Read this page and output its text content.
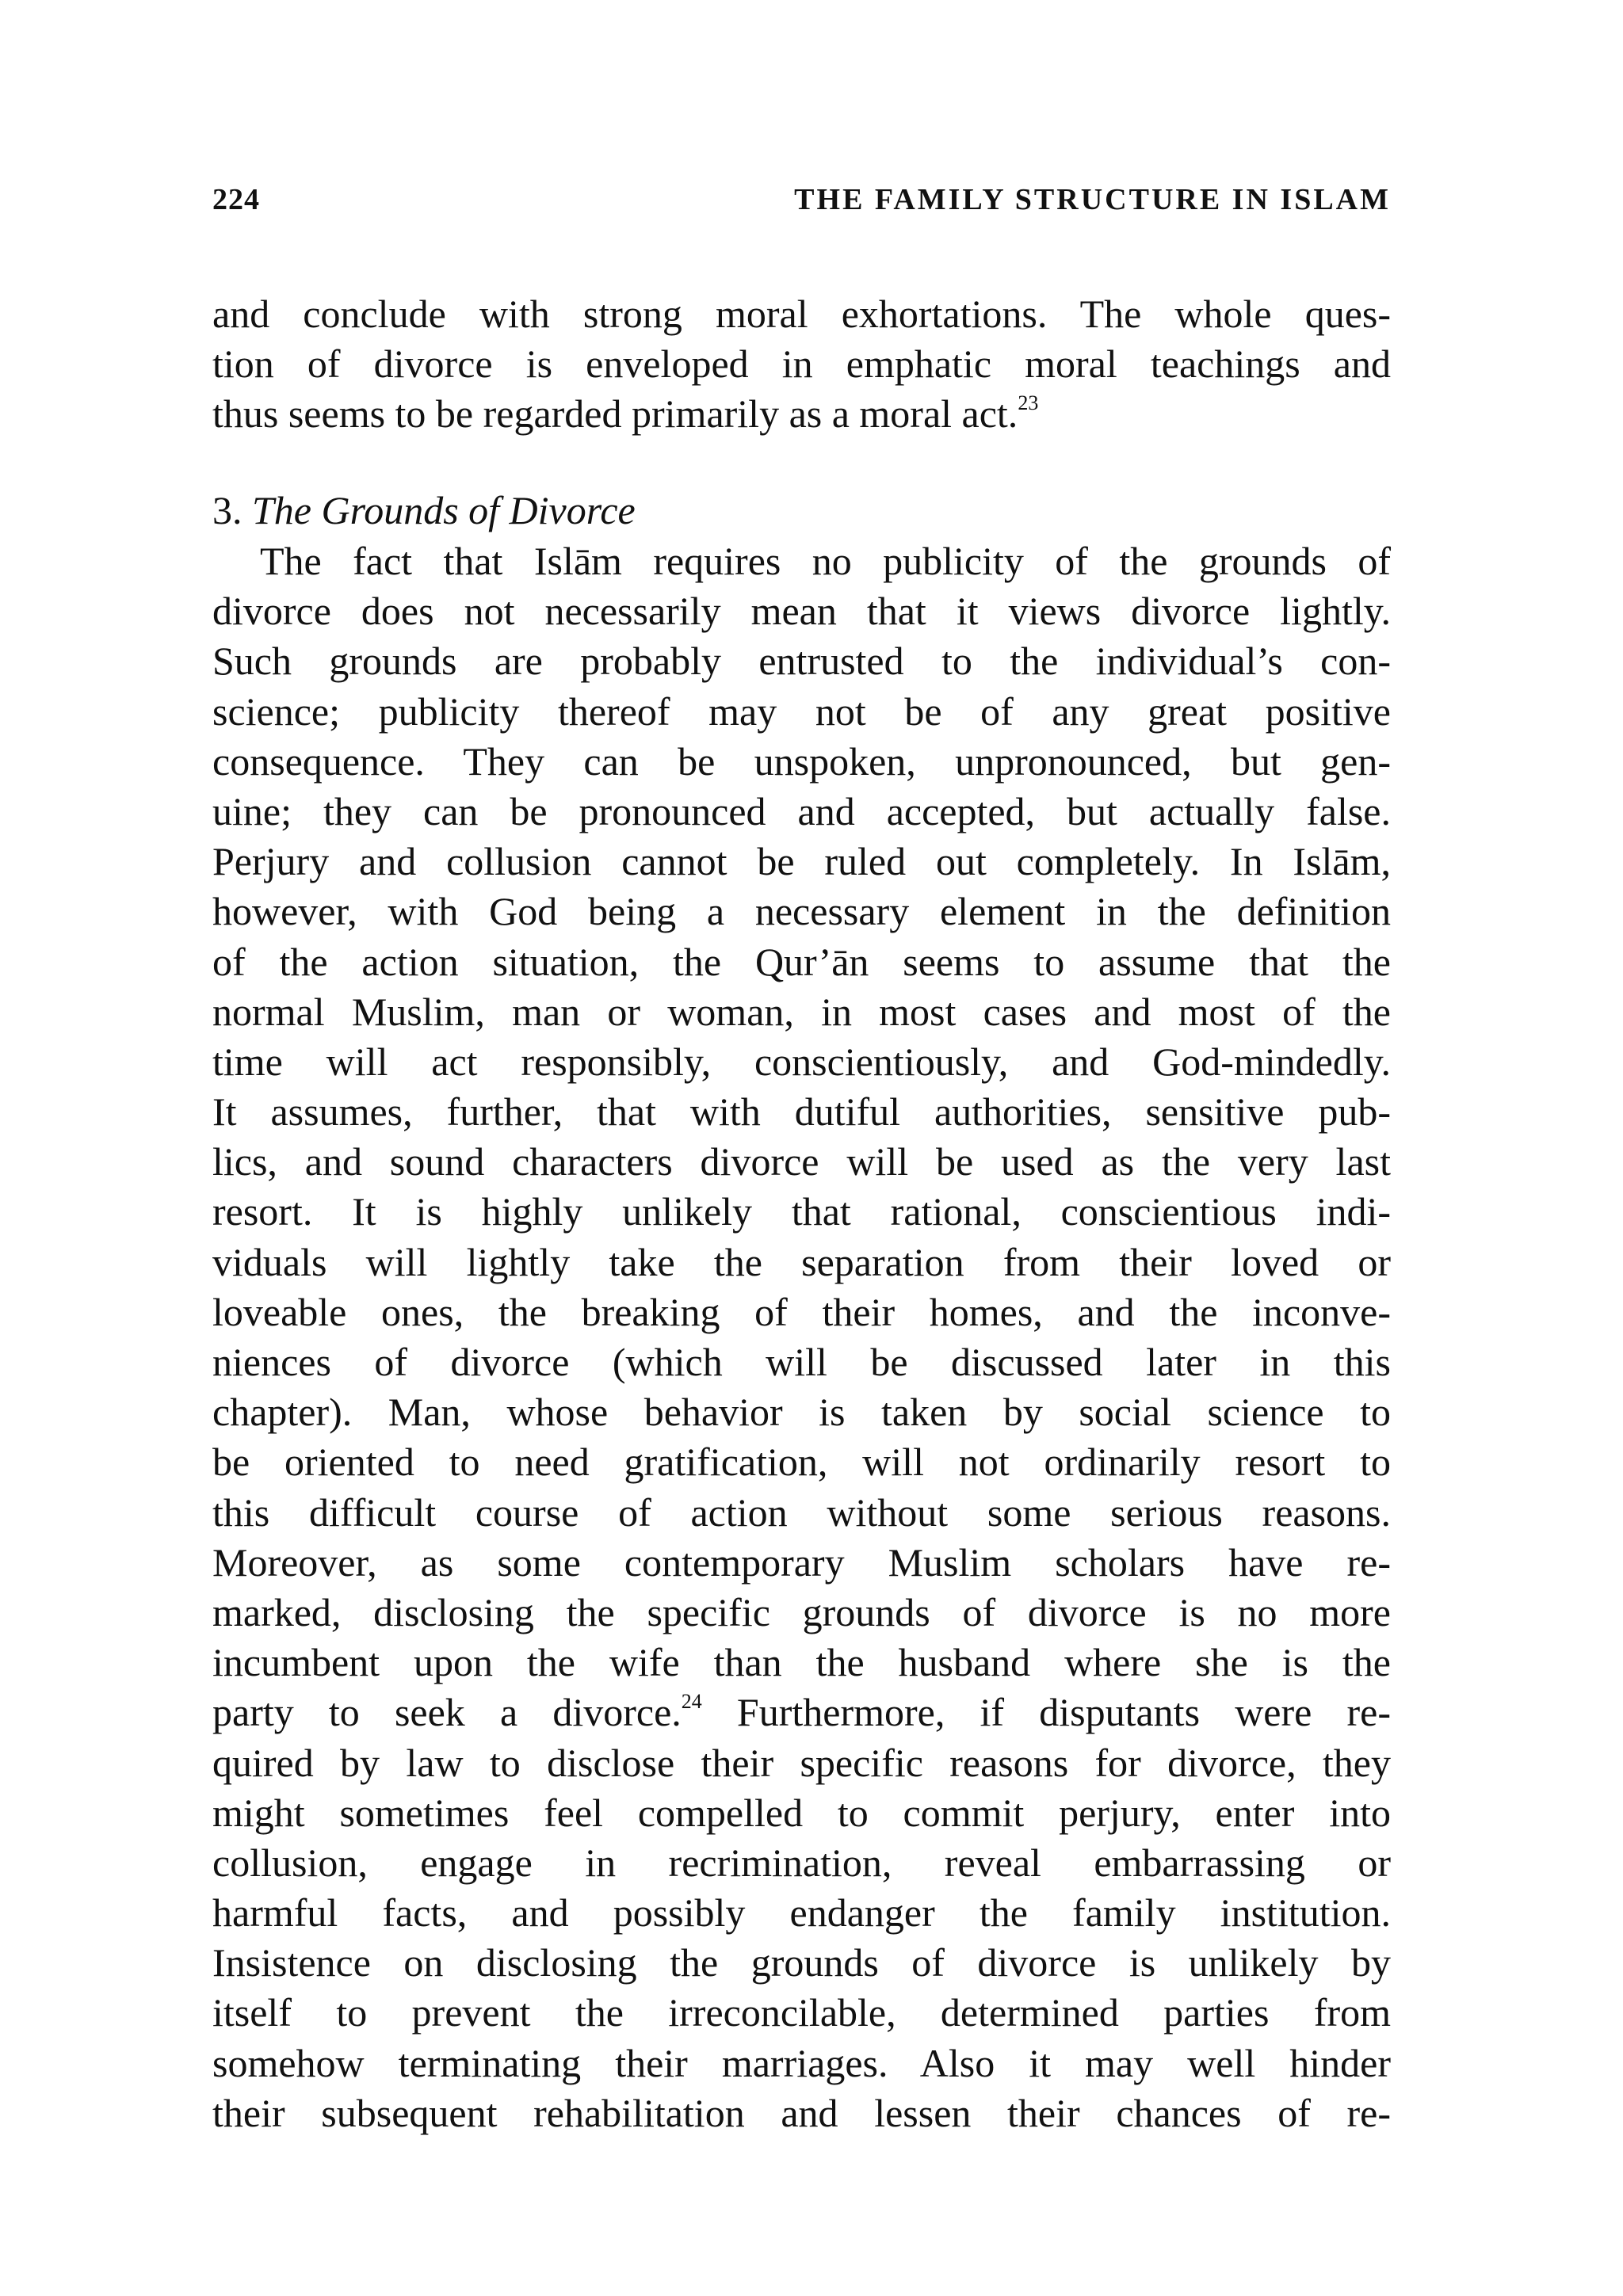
224	THE FAMILY STRUCTURE IN ISLAM
and conclude with strong moral exhortations. The whole ques-
tion of divorce is enveloped in emphatic moral teachings and
thus seems to be regarded primarily as a moral act.$^{23}$
3. The Grounds of Divorce
The fact that Islām requires no publicity of the grounds of
divorce does not necessarily mean that it views divorce lightly.
Such grounds are probably entrusted to the individual’s con-
science; publicity thereof may not be of any great positive
consequence. They can be unspoken, unpronounced, but gen-
uine; they can be pronounced and accepted, but actually false.
Perjury and collusion cannot be ruled out completely. In Islām,
however, with God being a necessary element in the definition
of the action situation, the Qur’ān seems to assume that the
normal Muslim, man or woman, in most cases and most of the
time will act responsibly, conscientiously, and God-mindedly.
It assumes, further, that with dutiful authorities, sensitive pub-
lics, and sound characters divorce will be used as the very last
resort. It is highly unlikely that rational, conscientious indi-
viduals will lightly take the separation from their loved or
loveable ones, the breaking of their homes, and the inconve-
niences of divorce (which will be discussed later in this
chapter). Man, whose behavior is taken by social science to
be oriented to need gratification, will not ordinarily resort to
this difficult course of action without some serious reasons.
Moreover, as some contemporary Muslim scholars have re-
marked, disclosing the specific grounds of divorce is no more
incumbent upon the wife than the husband where she is the
party to seek a divorce.$^{24}$ Furthermore, if disputants were re-
quired by law to disclose their specific reasons for divorce, they
might sometimes feel compelled to commit perjury, enter into
collusion, engage in recrimination, reveal embarrassing or
harmful facts, and possibly endanger the family institution.
Insistence on disclosing the grounds of divorce is unlikely by
itself to prevent the irreconcilable, determined parties from
somehow terminating their marriages. Also it may well hinder
their subsequent rehabilitation and lessen their chances of re-
